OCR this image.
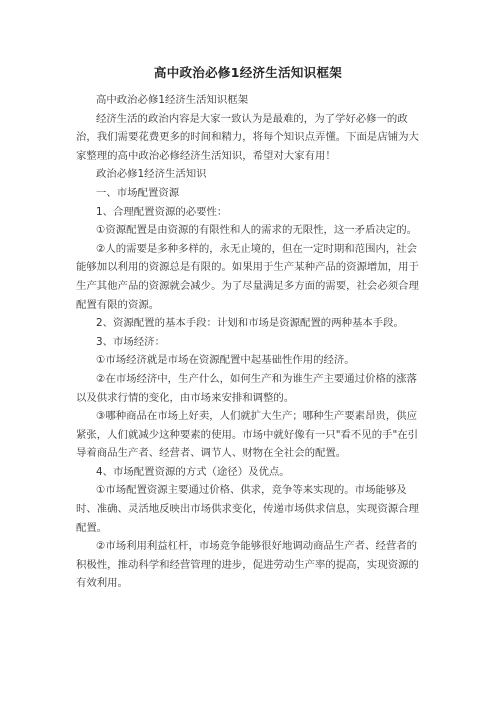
高中政治必修1经济生活知识框架

高中政治必修1经济生活知识框架

经济生活的政治内容是大家一致认为是最难的，为了学好必修一的政治，我们需要花费更多的时间和精力，将每个知识点弄懂。下面是店铺为大家整理的高中政治必修经济生活知识，希望对大家有用！

政治必修1经济生活知识

一、市场配置资源

1、合理配置资源的必要性：

①资源配置是由资源的有限性和人的需求的无限性，这一矛盾决定的。

②人的需要是多种多样的，永无止境的，但在一定时期和范围内，社会能够加以利用的资源总是有限的。如果用于生产某种产品的资源增加，用于生产其他产品的资源就会减少。为了尽量满足多方面的需要，社会必须合理配置有限的资源。

2、资源配置的基本手段：计划和市场是资源配置的两种基本手段。

3、市场经济：

①市场经济就是市场在资源配置中起基础性作用的经济。

②在市场经济中，生产什么，如何生产和为谁生产主要通过价格的涨落以及供求行情的变化，由市场来安排和调整的。

③哪种商品在市场上好卖，人们就扩大生产；哪种生产要素昂贵，供应紧张，人们就减少这种要素的使用。市场中就好像有一只"看不见的手"在引导着商品生产者、经营者、调节人、财物在全社会的配置。

4、市场配置资源的方式（途径）及优点。

①市场配置资源主要通过价格、供求，竞争等来实现的。市场能够及时、准确、灵活地反映出市场供求变化，传递市场供求信息，实现资源合理配置。

②市场利用利益杠杆，市场竞争能够很好地调动商品生产者、经营者的积极性，推动科学和经营管理的进步，促进劳动生产率的提高，实现资源的有效利用。
